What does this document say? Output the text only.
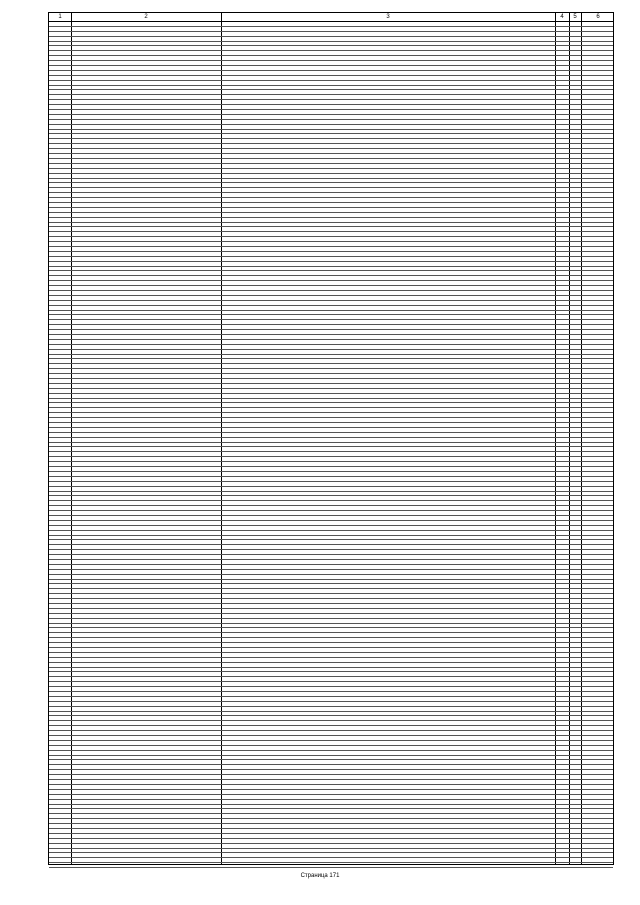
1	2	3	4	5	6
Страница 171
